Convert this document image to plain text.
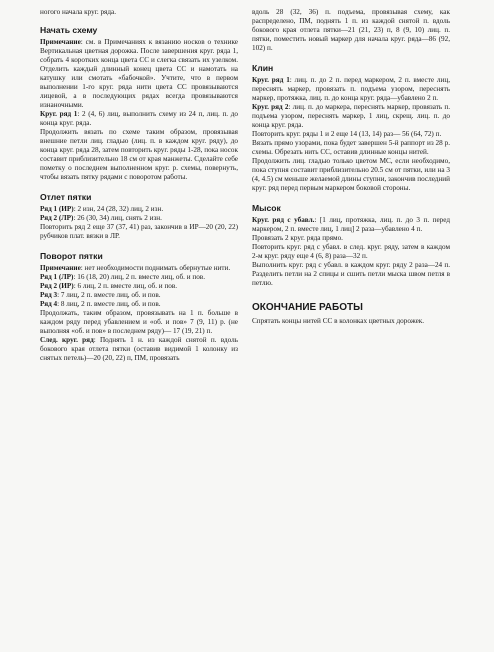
ногого начала круг. ряда.

Начать схему

Примечание: см. в Примечаниях к вязанию носков о технике Вертикальная цветная дорожка. После завершения круг. ряда 1, собрать 4 коротких конца цвета СС и слегка связать их узелком. Отделить каждый длинный конец цвета СС и намотать на катушку или смотать «бабочкой». Учтите, что в первом выполнении 1-го круг. ряда нити цвета СС провязываются лицевой, а в последующих рядах всегда провязываются изнаночными.

Круг. ряд 1: 2 (4, 6) лиц, выполнить схему из 24 п, лиц. п. до конца круг. ряда.

Продолжить вязать по схеме таким образом, провязывая внешние петли лиц. гладью (лиц. п. в каждом круг. ряду), до конца круг. ряда 28, затем повторить круг. ряды 1-28, пока носок составит приблизительно 18 см от края манжеты. Сделайте себе пометку о последнем выполненном круг. р. схемы, повернуть, чтобы вязать пятку рядами с поворотом работы.

Отлет пятки

Ряд 1 (ИР): 2 изн, 24 (28, 32) лиц, 2 изн.

Ряд 2 (ЛР): 26 (30, 34) лиц, снять 2 изн.

Повторить ряд 2 еще 37 (37, 41) раз, закончив в ИР—20 (20, 22) рубчиков плат. вязки в ЛР.

Поворот пятки

Примечание: нет необходимости поднимать обернутые нити.

Ряд 1 (ЛР): 16 (18, 20) лиц, 2 п. вместе лиц, об. и пов.

Ряд 2 (ИР): 6 лиц, 2 п. вместе лиц, об. и пов.

Ряд 3: 7 лиц, 2 п. вместе лиц, об. и пов.

Ряд 4: 8 лиц, 2 п. вместе лиц, об. и пов.

Продолжать, таким образом, провязывать на 1 п. больше в каждом ряду перед убавлением и «об. и пов» 7 (9, 11) р. (не выполняя «об. и пов» в последнем ряду)— 17 (19, 21) п.

След. круг. ряд: Поднять 1 н. из каждой снятой п. вдоль бокового края отлета пятки (оставив видимой 1 колонку из снятых петель)—20 (20, 22) п, ПМ, провязать

вдоль 28 (32, 36) п. подъема, провязывая схему, как распределено, ПМ, поднять 1 п. из каждой снятой п. вдоль бокового края отлета пятки—21 (21, 23) п, 8 (9, 10) лиц. п. пятки, поместить новый маркер для начала круг. ряда—86 (92, 102) п.

Клин

Круг. ряд 1: лиц. п. до 2 п. перед маркером, 2 п. вместе лиц, переснять маркер, провязать п. подъема узором, переснять маркер, протяжка, лиц. п. до конца круг. ряда—убавлено 2 п.

Круг. ряд 2: лиц. п. до маркера, переснять маркер, провязать п. подъема узором, переснять маркер, 1 лиц, скрещ. лиц. п. до конца круг. ряда.

Повторить круг. ряды 1 и 2 еще 14 (13, 14) раз— 56 (64, 72) п.

Вязать прямо узорами, пока будет завершен 5-й раппорт из 28 р. схемы. Обрезать нить СС, оставив длинные концы нитей.

Продолжить лиц. гладью только цветом МС, если необходимо, пока ступня составит приблизительно 20.5 см от пятки, или на 3 (4, 4.5) см меньше желаемой длины ступни, закончив последний круг. ряд перед первым маркером боковой стороны.

Мысок

Круг. ряд с убавл.: [1 лиц, протяжка, лиц. п. до 3 п. перед маркером, 2 п. вместе лиц, 1 лиц] 2 раза—убавлено 4 п.

Провязать 2 круг. ряда прямо.

Повторить круг. ряд с убавл. в след. круг. ряду, затем в каждом 2-м круг. ряду еще 4 (6, 8) раза—32 п.

Выполнить круг. ряд с убавл. в каждом круг. ряду 2 раза—24 п. Разделить петли на 2 спицы и сшить петли мыска швом петля в петлю.

ОКОНЧАНИЕ РАБОТЫ

Спрятать концы нитей СС в колонках цветных дорожек.
